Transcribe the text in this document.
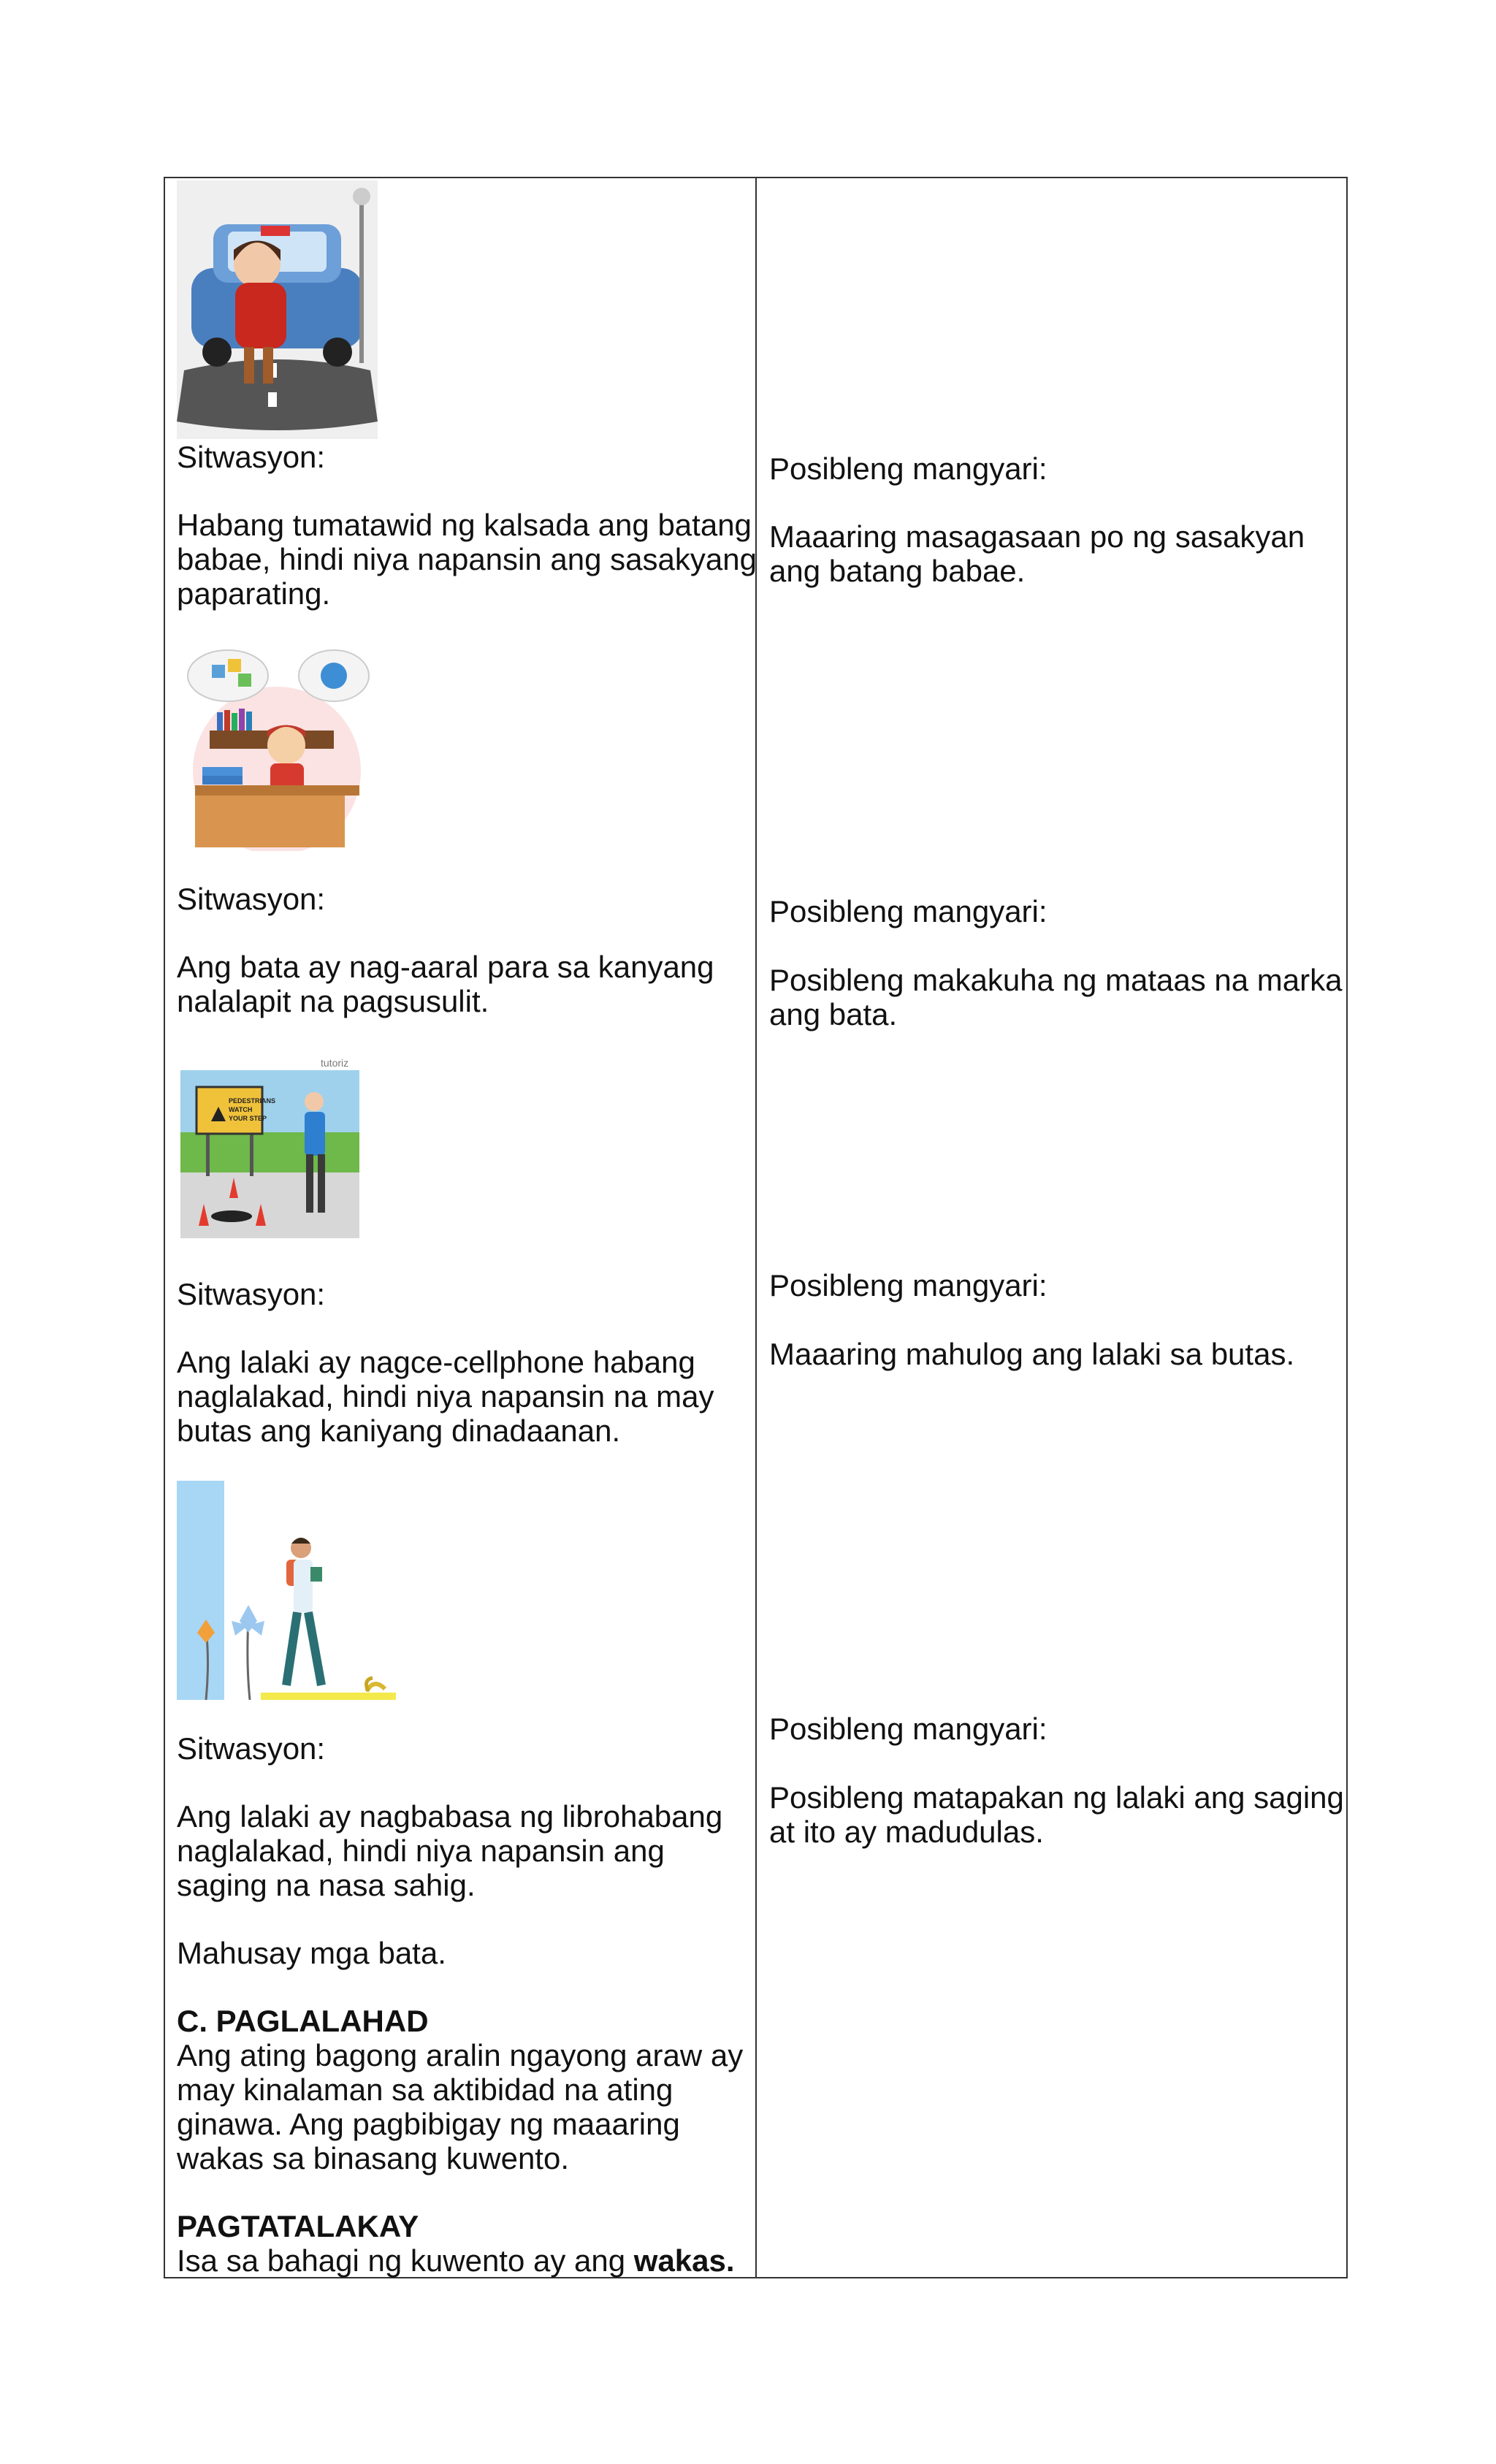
Sitwasyon:
Habang tumatawid ng kalsada ang batang
babae, hindi niya napansin ang sasakyang
paparating.
Posibleng mangyari:
Maaaring masagasaan po ng sasakyan
ang batang babae.
Sitwasyon:
Ang bata ay nag-aaral para sa kanyang
nalalapit na pagsusulit.
Posibleng mangyari:
Posibleng makakuha ng mataas na marka
ang bata.
tutoriz
PEDESTRIANS
WATCH
YOUR STEP
Sitwasyon:
Ang lalaki ay nagce-cellphone habang
naglalakad, hindi niya napansin na may
butas ang kaniyang dinadaanan.
Posibleng mangyari:
Maaaring mahulog ang lalaki sa butas.
Sitwasyon:
Ang lalaki ay nagbabasa ng librohabang
naglalakad, hindi niya napansin ang
saging na nasa sahig.
Posibleng mangyari:
Posibleng matapakan ng lalaki ang saging
at ito ay madudulas.
Mahusay mga bata.
C. PAGLALAHAD
Ang ating bagong aralin ngayong araw ay
may kinalaman sa aktibidad na ating
ginawa. Ang pagbibigay ng maaaring
wakas sa binasang kuwento.
PAGTATALAKAY
Isa sa bahagi ng kuwento ay ang wakas.
